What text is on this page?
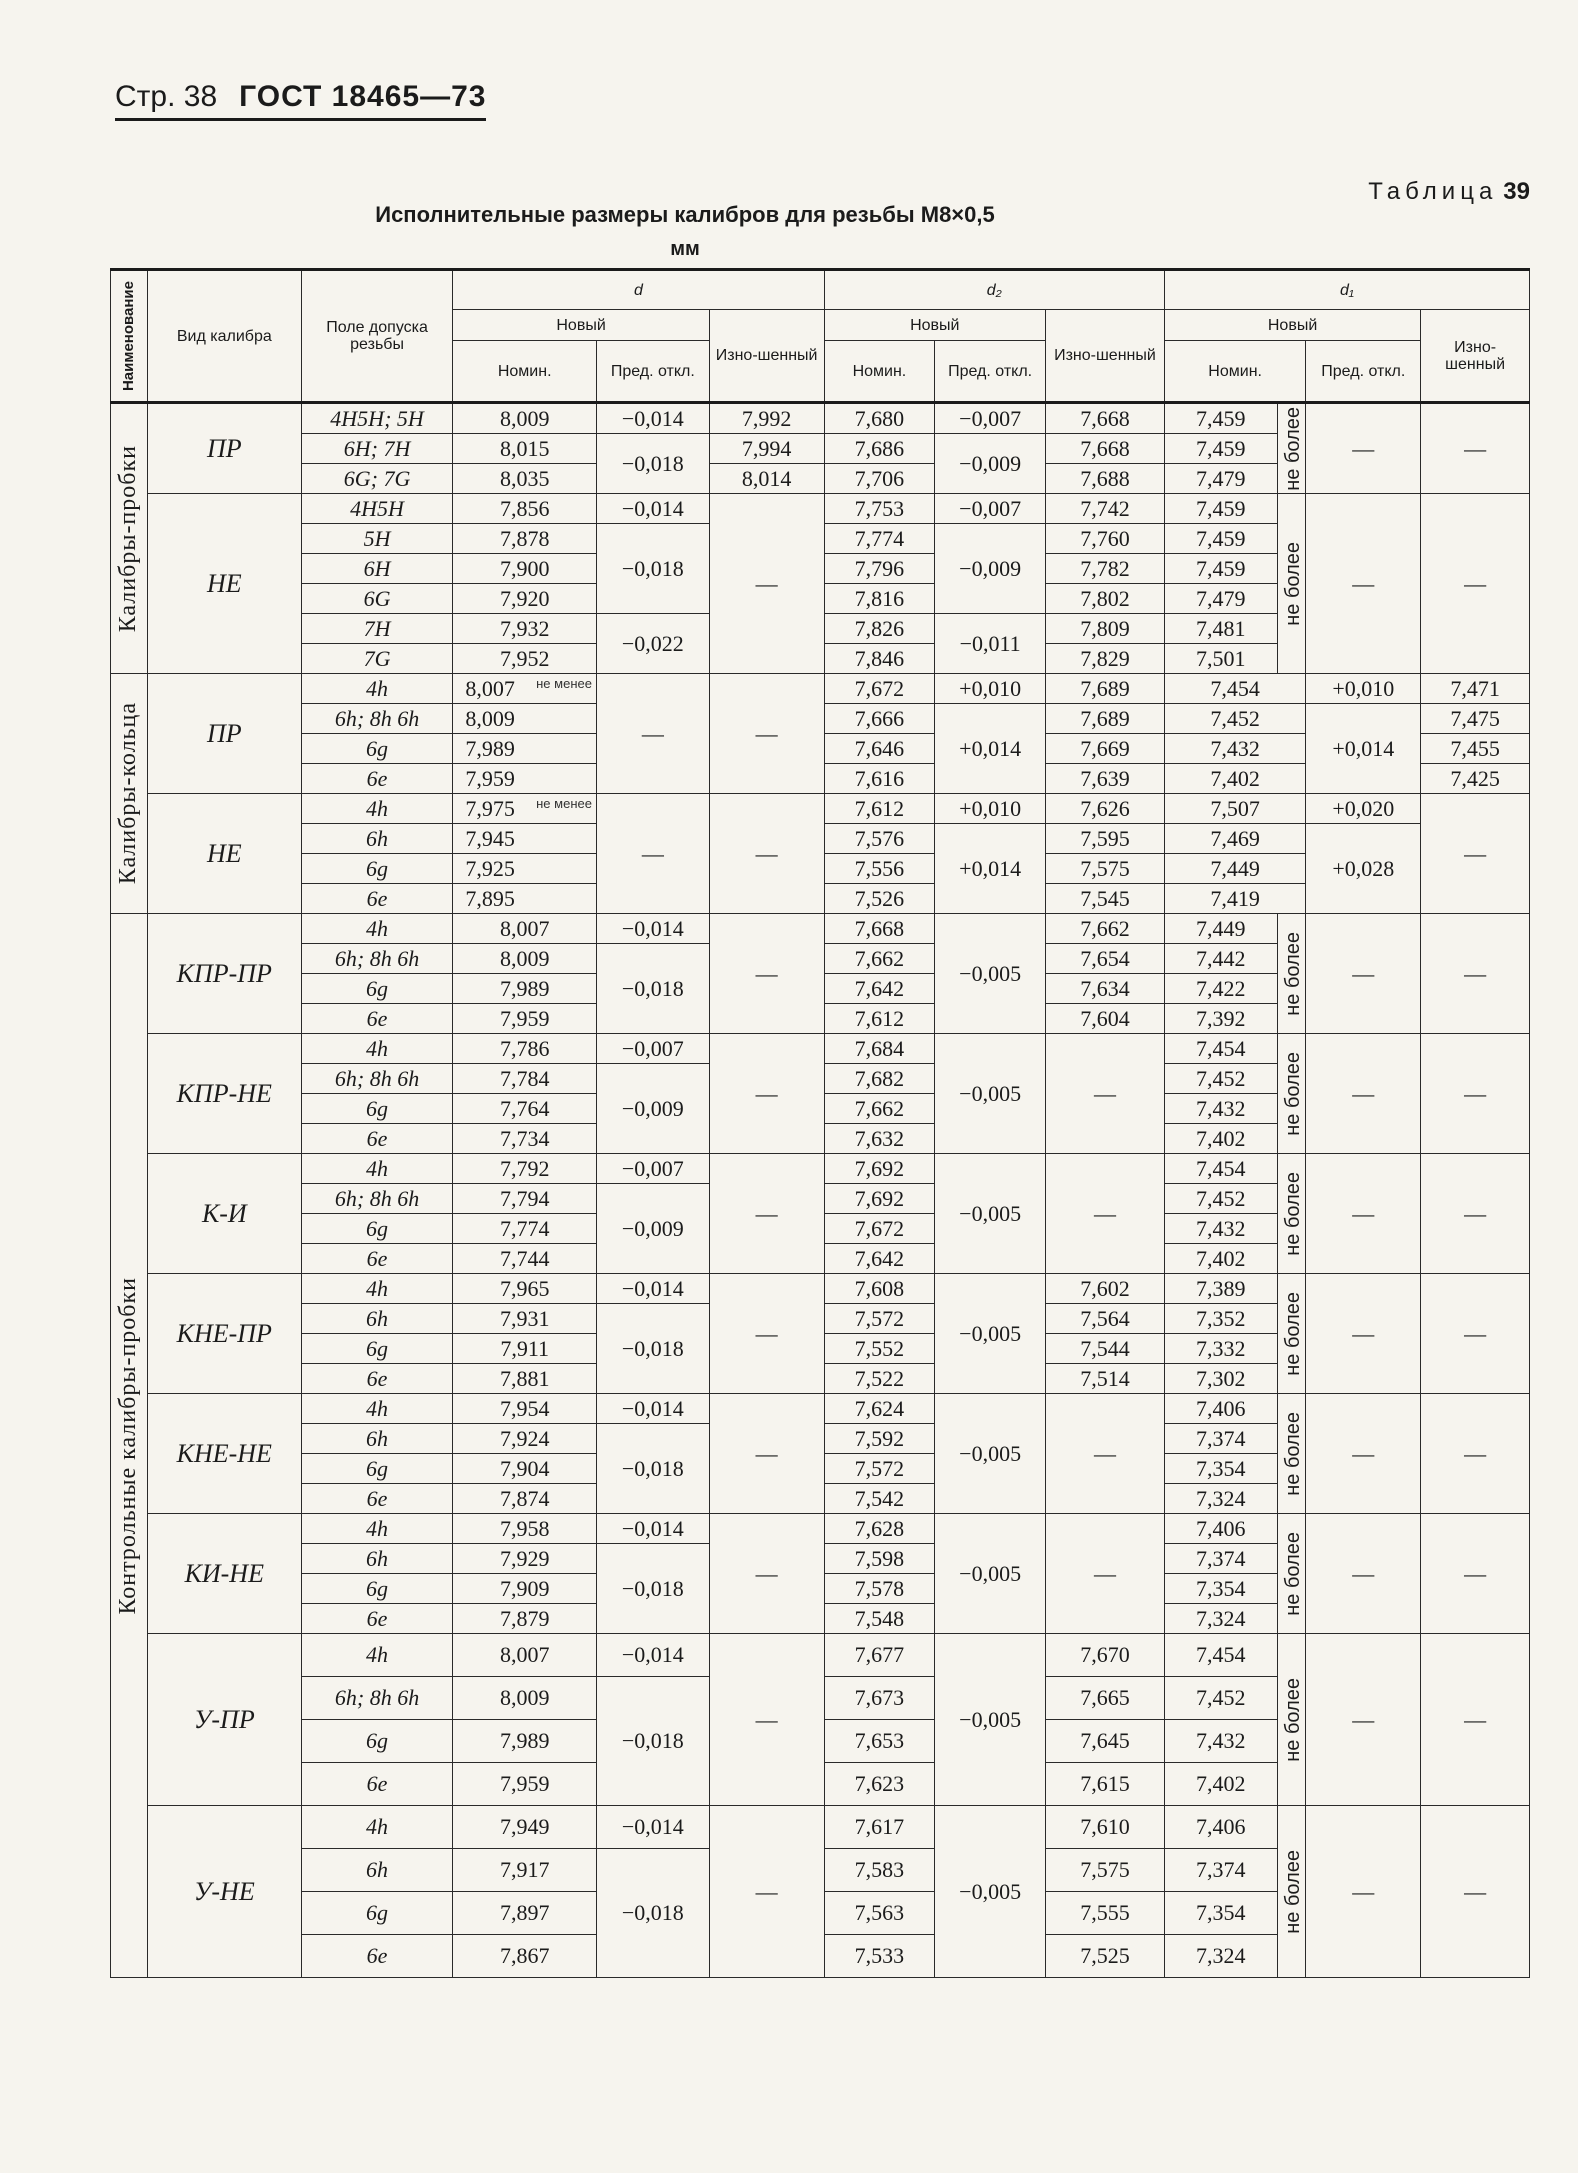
Стр. 38 ГОСТ 18465—73
Таблица 39
Исполнительные размеры калибров для резьбы М8×0,5
мм
Наименование	Вид калибра	Поле допуска резьбы	d			d₂			d₁			
			Новый		Изно-шенный	Новый		Изно-шенный	Новый			Изно-шенный
			Номин.	Пред. откл.		Номин.	Пред. откл.		Номин.		Пред. откл.	

Калибры-пробки	ПР	4Н5Н; 5Н	8,009	−0,014	7,992	7,680	−0,007	7,668	7,459	не более	—	—
		6Н; 7Н	8,015	−0,018	7,994	7,686	−0,009	7,668	7,459			
		6G; 7G	8,035		8,014	7,706		7,688	7,479			
	НЕ	4Н5Н	7,856	−0,014	—	7,753	−0,007	7,742	7,459	не более	—	—
		5Н	7,878	−0,018		7,774	−0,009	7,760	7,459			
		6Н	7,900			7,796		7,782	7,459			
		6G	7,920			7,816		7,802	7,479			
		7Н	7,932	−0,022		7,826	−0,011	7,809	7,481			
		7G	7,952			7,846		7,829	7,501			

Калибры-кольца	ПР	4h	8,007 не менее	—	—	7,672	+0,010	7,689	7,454		+0,010	7,471
		6h; 8h 6h	8,009			7,666	+0,014	7,689	7,452		+0,014	7,475
		6g	7,989			7,646		7,669	7,432			7,455
		6e	7,959			7,616		7,639	7,402			7,425
	НЕ	4h	7,975 не менее	—	—	7,612	+0,010	7,626	7,507		+0,020	—
		6h	7,945			7,576	+0,014	7,595	7,469		+0,028	
		6g	7,925			7,556		7,575	7,449			
		6e	7,895			7,526		7,545	7,419			

Контрольные калибры-пробки	КПР-ПР	4h	8,007	−0,014	—	7,668	−0,005	7,662	7,449	не более	—	—
		6h; 8h 6h	8,009	−0,018		7,662		7,654	7,442			
		6g	7,989			7,642		7,634	7,422			
		6e	7,959			7,612		7,604	7,392			
	КПР-НЕ	4h	7,786	−0,007	—	7,684	−0,005	—	7,454	не более	—	—
		6h; 8h 6h	7,784	−0,009		7,682			7,452			
		6g	7,764			7,662			7,432			
		6e	7,734			7,632			7,402			
	К-И	4h	7,792	−0,007	—	7,692	−0,005	—	7,454	не более	—	—
		6h; 8h 6h	7,794	−0,009		7,692			7,452			
		6g	7,774			7,672			7,432			
		6e	7,744			7,642			7,402			
	КНЕ-ПР	4h	7,965	−0,014	—	7,608	−0,005	7,602	7,389	не более	—	—
		6h	7,931	−0,018		7,572		7,564	7,352			
		6g	7,911			7,552		7,544	7,332			
		6e	7,881			7,522		7,514	7,302			
	КНЕ-НЕ	4h	7,954	−0,014	—	7,624	−0,005	—	7,406	не более	—	—
		6h	7,924	−0,018		7,592			7,374			
		6g	7,904			7,572			7,354			
		6e	7,874			7,542			7,324			
	КИ-НЕ	4h	7,958	−0,014	—	7,628	−0,005	—	7,406	не более	—	—
		6h	7,929	−0,018		7,598			7,374			
		6g	7,909			7,578			7,354			
		6e	7,879			7,548			7,324			
	У-ПР	4h	8,007	−0,014	—	7,677	−0,005	7,670	7,454	не более	—	—
		6h; 8h 6h	8,009	−0,018		7,673		7,665	7,452			
		6g	7,989			7,653		7,645	7,432			
		6e	7,959			7,623		7,615	7,402			
	У-НЕ	4h	7,949	−0,014	—	7,617	−0,005	7,610	7,406	не более	—	—
		6h	7,917	−0,018		7,583		7,575	7,374			
		6g	7,897			7,563		7,555	7,354			
		6e	7,867			7,533		7,525	7,324			
